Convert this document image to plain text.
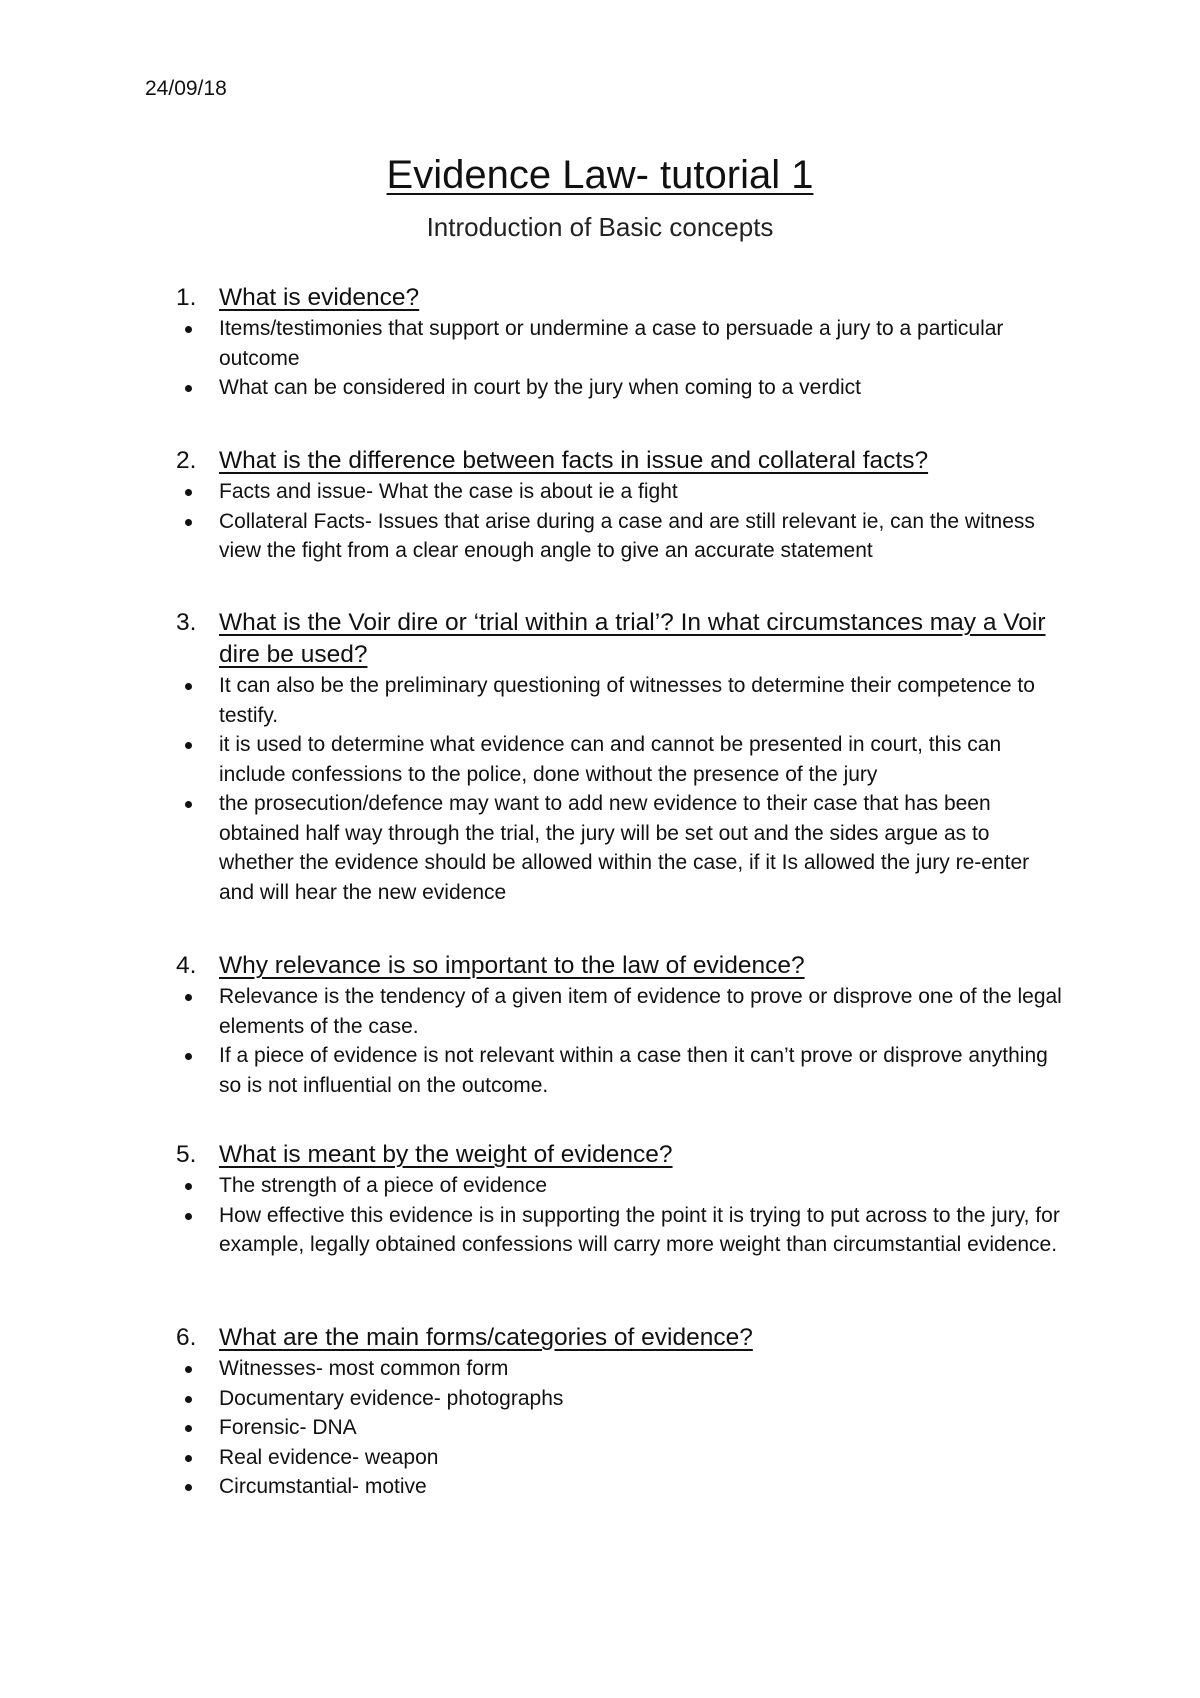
24/09/18
Evidence Law- tutorial 1
Introduction of Basic concepts
1. What is evidence?
Items/testimonies that support or undermine a case to persuade a jury to a particular outcome
What can be considered in court by the jury when coming to a verdict
2. What is the difference between facts in issue and collateral facts?
Facts and issue- What the case is about ie a fight
Collateral Facts- Issues that arise during a case and are still relevant ie, can the witness view the fight from a clear enough angle to give an accurate statement
3. What is the Voir dire or ‘trial within a trial’? In what circumstances may a Voir dire be used?
It can also be the preliminary questioning of witnesses to determine their competence to testify.
it is used to determine what evidence can and cannot be presented in court, this can include confessions to the police, done without the presence of the jury
the prosecution/defence may want to add new evidence to their case that has been obtained half way through the trial, the jury will be set out and the sides argue as to whether the evidence should be allowed within the case, if it Is allowed the jury re-enter and will hear the new evidence
4. Why relevance is so important to the law of evidence?
Relevance is the tendency of a given item of evidence to prove or disprove one of the legal elements of the case.
If a piece of evidence is not relevant within a case then it can’t prove or disprove anything so is not influential on the outcome.
5. What is meant by the weight of evidence?
The strength of a piece of evidence
How effective this evidence is in supporting the point it is trying to put across to the jury, for example, legally obtained confessions will carry more weight than circumstantial evidence.
6. What are the main forms/categories of evidence?
Witnesses- most common form
Documentary evidence- photographs
Forensic- DNA
Real evidence- weapon
Circumstantial- motive
